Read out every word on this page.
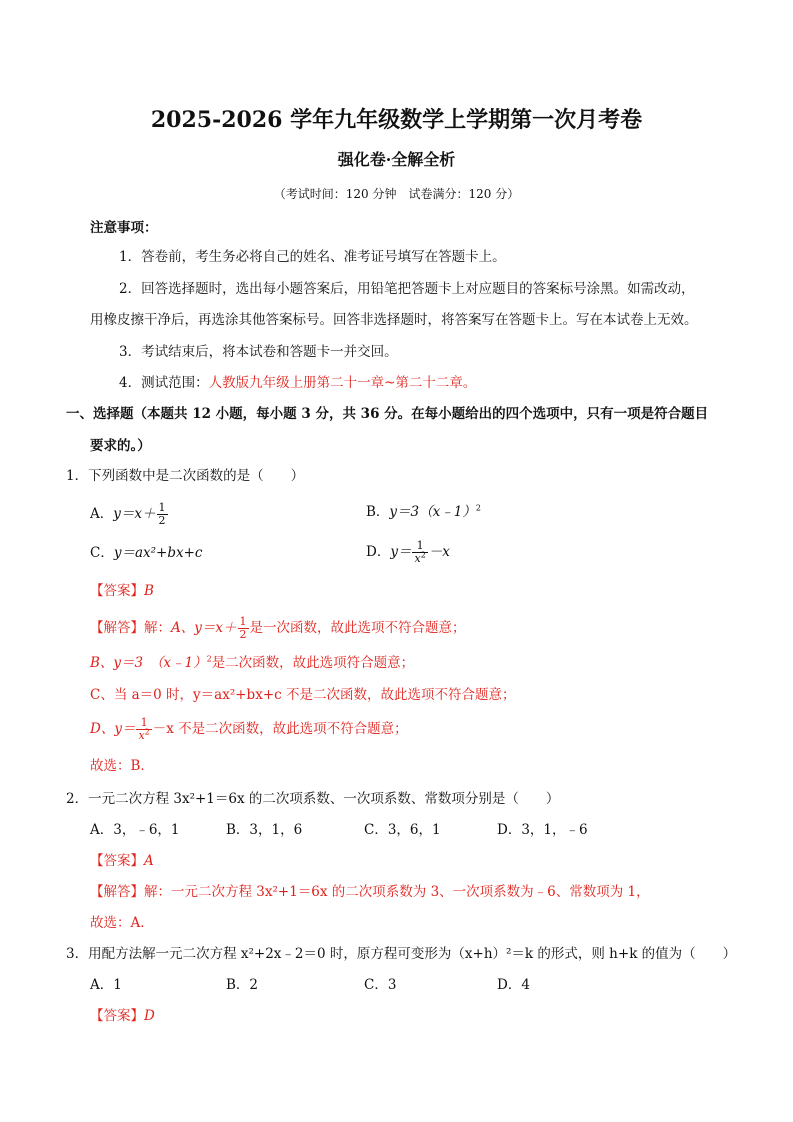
2025-2026 学年九年级数学上学期第一次月考卷
强化卷·全解全析
（考试时间：120 分钟　试卷满分：120 分）
注意事项：
1．答卷前，考生务必将自己的姓名、准考证号填写在答题卡上。
2．回答选择题时，选出每小题答案后，用铅笔把答题卡上对应题目的答案标号涂黑。如需改动，
用橡皮擦干净后，再选涂其他答案标号。回答非选择题时，将答案写在答题卡上。写在本试卷上无效。
3．考试结束后，将本试卷和答题卡一并交回。
4．测试范围：人教版九年级上册第二十一章~第二十二章。
一、选择题（本题共 12 小题，每小题 3 分，共 36 分。在每小题给出的四个选项中，只有一项是符合题目
要求的。）
1．下列函数中是二次函数的是（　　）
A．$y=x+ \frac{1}{2}$	B．y＝3（x﹣1）$^2$
C．y＝ax²+bx+c	D．$y= \frac{1}{x^2} -x$
【答案】B
【解答】解：A、$y=x+ \frac{1}{2}$ 是一次函数，故此选项不符合题意；
B、y＝3　（x﹣1）$^2$是二次函数，故此选项符合题意；
C、当 a＝0 时，y＝ax²+bx+c 不是二次函数，故此选项不符合题意；
D、$y= \frac{1}{x^2} -x$ 不是二次函数，故此选项不符合题意；
故选：B．
2．一元二次方程 3x²+1＝6x 的二次项系数、一次项系数、常数项分别是（　　）
A．3，﹣6，1	B．3，1，6	C．3，6，1	D．3，1，﹣6
【答案】A
【解答】解：一元二次方程 3x²+1＝6x 的二次项系数为 3、一次项系数为﹣6、常数项为 1，
故选：A．
3．用配方法解一元二次方程 x²+2x﹣2＝0 时，原方程可变形为（x+h）²＝k 的形式，则 h+k 的值为（　　）
A．1	B．2	C．3	D．4
【答案】D
